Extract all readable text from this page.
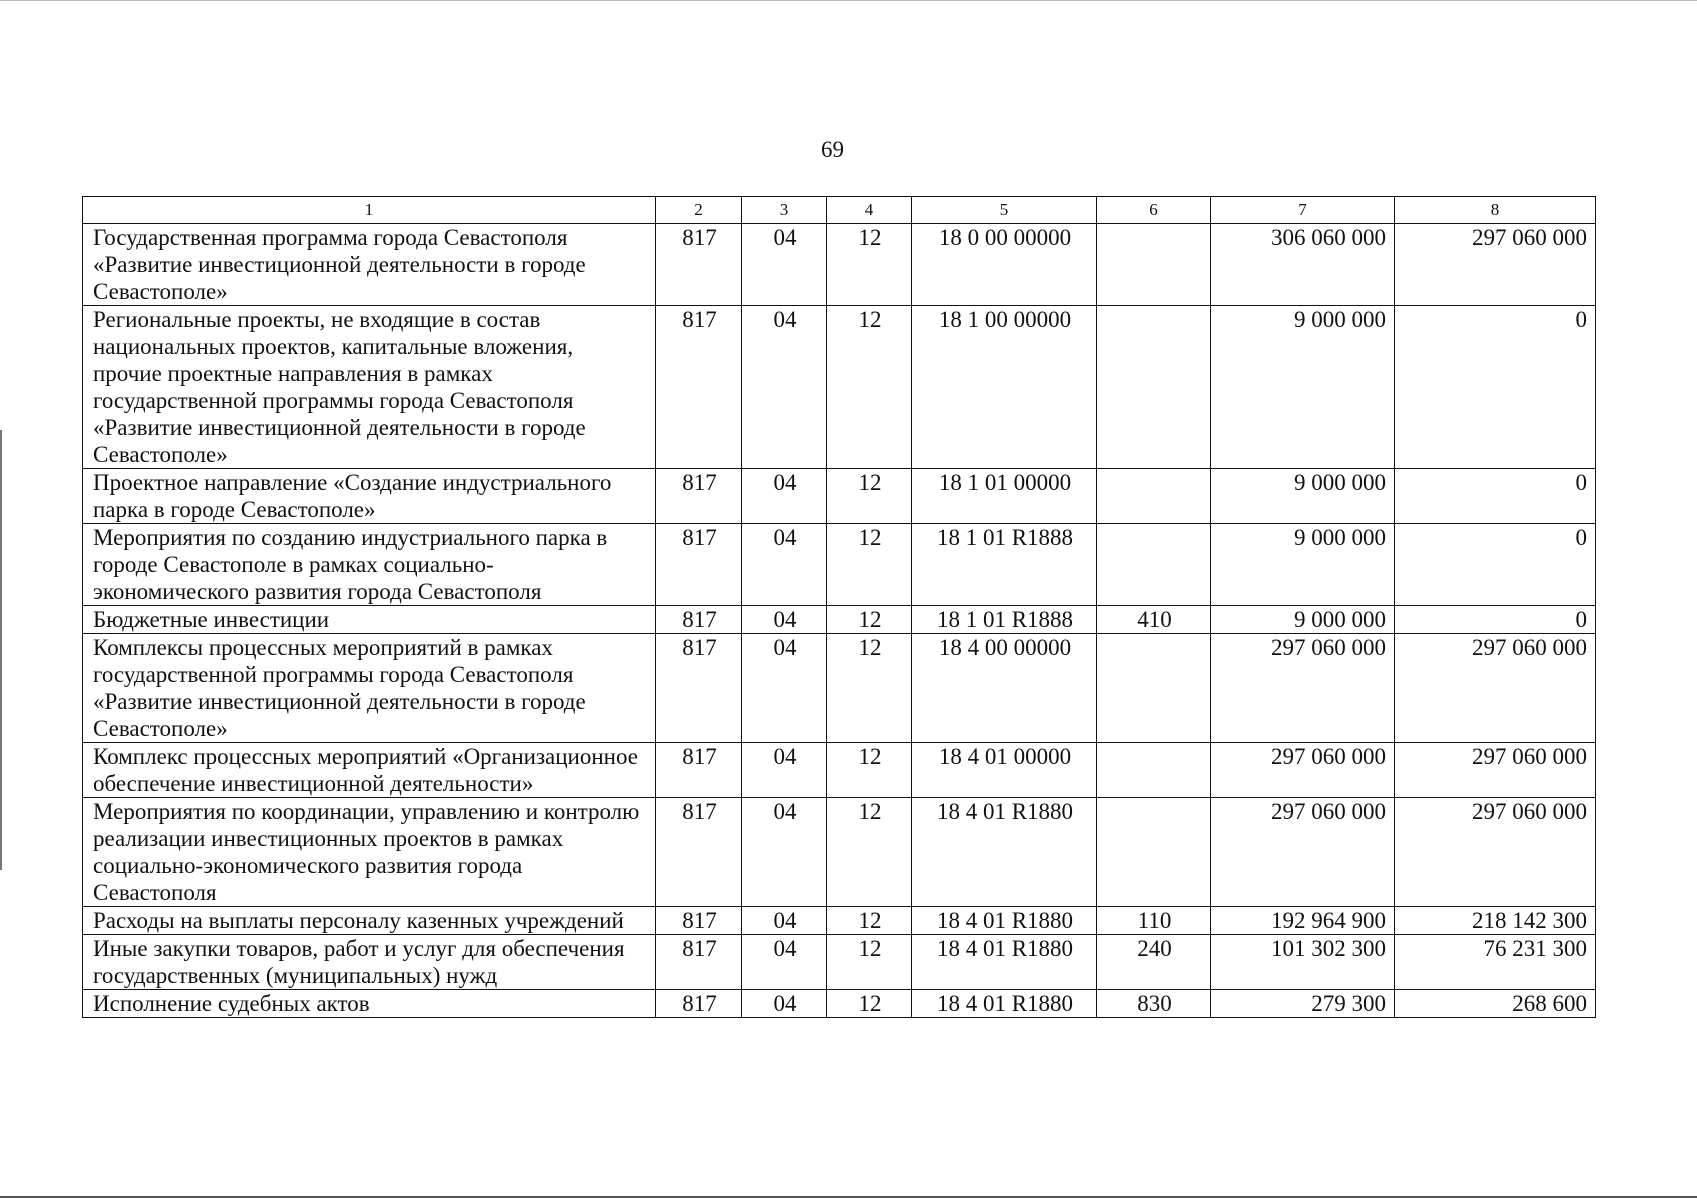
69
1	2	3	4	5	6	7	8
Государственная программа города Севастополя «Развитие инвестиционной деятельности в городе Севастополе»	817	04	12	18 0 00 00000		306 060 000	297 060 000
Региональные проекты, не входящие в состав национальных проектов, капитальные вложения, прочие проектные направления в рамках государственной программы города Севастополя «Развитие инвестиционной деятельности в городе Севастополе»	817	04	12	18 1 00 00000		9 000 000	0
Проектное направление «Создание индустриального парка в городе Севастополе»	817	04	12	18 1 01 00000		9 000 000	0
Мероприятия по созданию индустриального парка в городе Севастополе в рамках социально-экономического развития города Севастополя	817	04	12	18 1 01 R1888		9 000 000	0
Бюджетные инвестиции	817	04	12	18 1 01 R1888	410	9 000 000	0
Комплексы процессных мероприятий в рамках государственной программы города Севастополя «Развитие инвестиционной деятельности в городе Севастополе»	817	04	12	18 4 00 00000		297 060 000	297 060 000
Комплекс процессных мероприятий «Организационное обеспечение инвестиционной деятельности»	817	04	12	18 4 01 00000		297 060 000	297 060 000
Мероприятия по координации, управлению и контролю реализации инвестиционных проектов в рамках социально-экономического развития города Севастополя	817	04	12	18 4 01 R1880		297 060 000	297 060 000
Расходы на выплаты персоналу казенных учреждений	817	04	12	18 4 01 R1880	110	192 964 900	218 142 300
Иные закупки товаров, работ и услуг для обеспечения государственных (муниципальных) нужд	817	04	12	18 4 01 R1880	240	101 302 300	76 231 300
Исполнение судебных актов	817	04	12	18 4 01 R1880	830	279 300	268 600
